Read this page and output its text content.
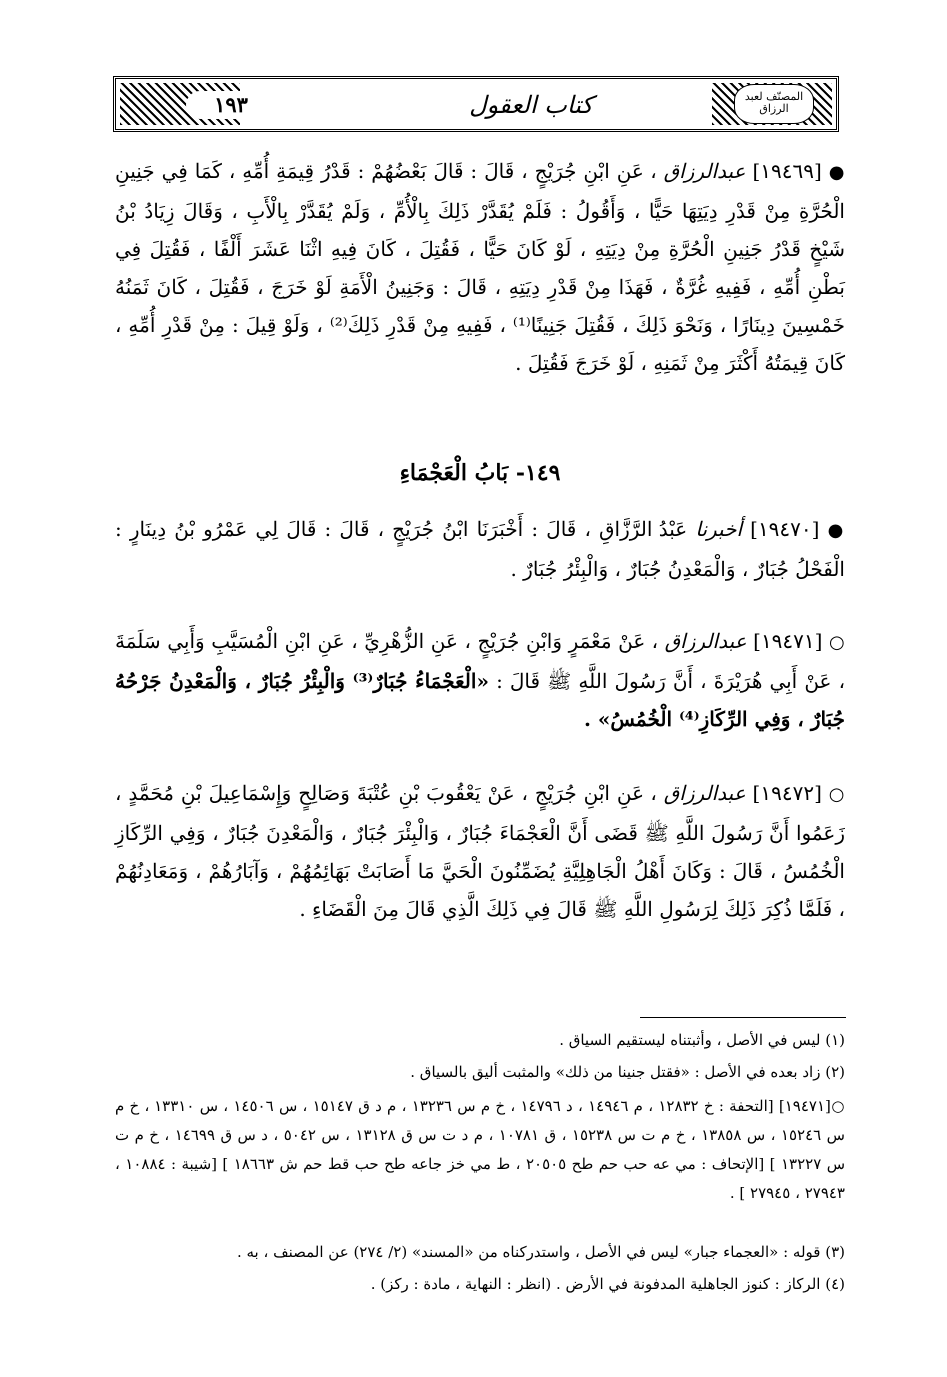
١٩٣	كتاب العقول	المصنّف لعبد الرزاق
● [١٩٤٦٩] عبدالرزاق ، عَنِ ابْنِ جُرَيْجٍ ، قَالَ : قَالَ بَعْضُهُمْ : قَدْرُ قِيمَةِ أُمِّهِ ، كَمَا فِي جَنِينِ الْحُرَّةِ مِنْ قَدْرِ دِيَتِهَا حَيًّا ، وَأَقُولُ : فَلَمْ يُقَدَّرْ ذَلِكَ بِالْأُمِّ ، وَلَمْ يُقَدَّرْ بِالْأَبِ ، وَقَالَ زِيَادُ بْنُ شَيْخٍ قَدْرُ جَنِينِ الْحُرَّةِ مِنْ دِيَتِهِ ، لَوْ كَانَ حَيًّا ، فَقُتِلَ ، كَانَ فِيهِ اثْنَا عَشَرَ أَلْفًا ، فَقُتِلَ فِي بَطْنِ أُمِّهِ ، فَفِيهِ غُرَّةٌ ، فَهَذَا مِنْ قَدْرِ دِيَتِهِ ، قَالَ : وَجَنِينُ الْأَمَةِ لَوْ خَرَجَ ، فَقُتِلَ ، كَانَ ثَمَنُهُ خَمْسِينَ دِينَارًا ، وَنَحْوَ ذَلِكَ ، فَقُتِلَ جَنِينًا⁽¹⁾ ، فَفِيهِ مِنْ قَدْرِ ذَلِكَ⁽²⁾ ، وَلَوْ قِيلَ : مِنْ قَدْرِ أُمِّهِ ، كَانَ قِيمَتُهُ أَكْثَرَ مِنْ ثَمَنِهِ ، لَوْ خَرَجَ فَقُتِلَ .
١٤٩- بَابُ الْعَجْمَاءِ
● [١٩٤٧٠] أخبرنا عَبْدُ الرَّزَّاقِ ، قَالَ : أَخْبَرَنَا ابْنُ جُرَيْجٍ ، قَالَ : قَالَ لِي عَمْرُو بْنُ دِينَارٍ : الْفَحْلُ جُبَارٌ ، وَالْمَعْدِنُ جُبَارٌ ، وَالْبِئْرُ جُبَارٌ .
○ [١٩٤٧١] عبدالرزاق ، عَنْ مَعْمَرٍ وَابْنِ جُرَيْجٍ ، عَنِ الزُّهْرِيِّ ، عَنِ ابْنِ الْمُسَيَّبِ وَأَبِي سَلَمَةَ ، عَنْ أَبِي هُرَيْرَةَ ، أَنَّ رَسُولَ اللَّهِ ﷺ قَالَ : «الْعَجْمَاءُ جُبَارٌ⁽³⁾ وَالْبِئْرُ جُبَارٌ ، وَالْمَعْدِنُ جَرْحُهُ جُبَارٌ ، وَفِي الرِّكَازِ⁽⁴⁾ الْخُمُسُ» .
○ [١٩٤٧٢] عبدالرزاق ، عَنِ ابْنِ جُرَيْجٍ ، عَنْ يَعْقُوبَ بْنِ عُتْبَةَ وَصَالِحٍ وَإِسْمَاعِيلَ بْنِ مُحَمَّدٍ ، زَعَمُوا أَنَّ رَسُولَ اللَّهِ ﷺ قَضَى أَنَّ الْعَجْمَاءَ جُبَارٌ ، وَالْبِئْرَ جُبَارٌ ، وَالْمَعْدِنَ جُبَارٌ ، وَفِي الرِّكَازِ الْخُمُسُ ، قَالَ : وَكَانَ أَهْلُ الْجَاهِلِيَّةِ يُضَمِّنُونَ الْحَيَّ مَا أَصَابَتْ بَهَائِمُهُمْ ، وَآبَارُهُمْ ، وَمَعَادِنُهُمْ ، فَلَمَّا ذُكِرَ ذَلِكَ لِرَسُولِ اللَّهِ ﷺ قَالَ فِي ذَلِكَ الَّذِي قَالَ مِنَ الْقَضَاءِ .
(١) ليس في الأصل ، وأثبتناه ليستقيم السياق .
(٢) زاد بعده في الأصل : «فقتل جنينا من ذلك» والمثبت أليق بالسياق .
○[١٩٤٧١] [التحفة : خ ١٢٨٣٢ ، م ١٤٩٤٦ ، د ١٤٧٩٦ ، خ م س ١٣٢٣٦ ، م د ق ١٥١٤٧ ، س ١٤٥٠٦ ، س ١٣٣١٠ ، خ م س ١٥٢٤٦ ، س ١٣٨٥٨ ، خ م ت س ١٥٢٣٨ ، ق ١٠٧٨١ ، م د ت س ق ١٣١٢٨ ، س ٥٠٤٢ ، د س ق ١٤٦٩٩ ، خ م ت س ١٣٢٢٧ ] [الإتحاف : مي عه حب حم طح ٢٠٥٠٥ ، ط مي خز جاعه طح حب قط حم ش ١٨٦٦٣ ] [شيبة : ١٠٨٨٤ ، ٢٧٩٤٣ ، ٢٧٩٤٥ ] .
(٣) قوله : «العجماء جبار» ليس في الأصل ، واستدركناه من «المسند» (٢/ ٢٧٤) عن المصنف ، به .
(٤) الركاز : كنوز الجاهلية المدفونة في الأرض . (انظر : النهاية ، مادة : ركز) .
